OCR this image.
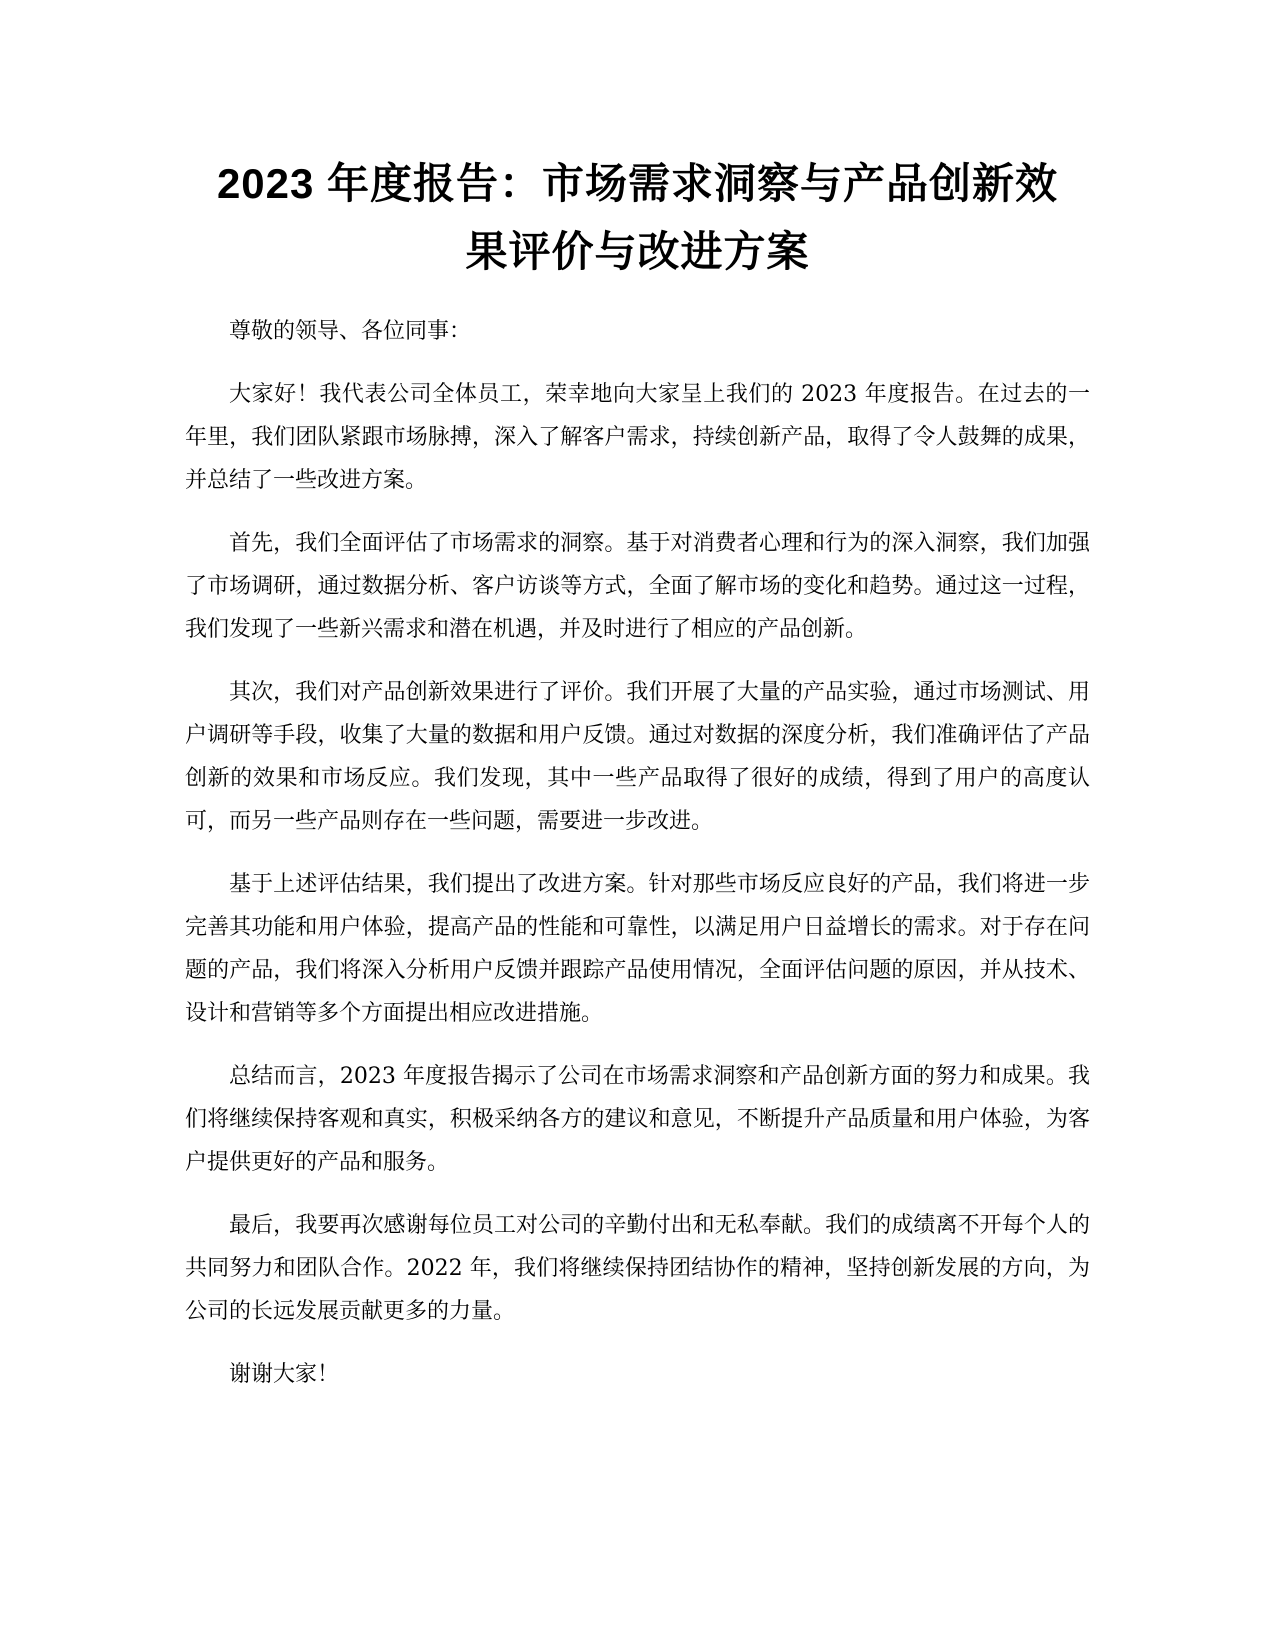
2023 年度报告：市场需求洞察与产品创新效
果评价与改进方案

尊敬的领导、各位同事：

大家好！我代表公司全体员工，荣幸地向大家呈上我们的 2023 年度报告。在过去的一年里，我们团队紧跟市场脉搏，深入了解客户需求，持续创新产品，取得了令人鼓舞的成果，并总结了一些改进方案。

首先，我们全面评估了市场需求的洞察。基于对消费者心理和行为的深入洞察，我们加强了市场调研，通过数据分析、客户访谈等方式，全面了解市场的变化和趋势。通过这一过程，我们发现了一些新兴需求和潜在机遇，并及时进行了相应的产品创新。

其次，我们对产品创新效果进行了评价。我们开展了大量的产品实验，通过市场测试、用户调研等手段，收集了大量的数据和用户反馈。通过对数据的深度分析，我们准确评估了产品创新的效果和市场反应。我们发现，其中一些产品取得了很好的成绩，得到了用户的高度认可，而另一些产品则存在一些问题，需要进一步改进。

基于上述评估结果，我们提出了改进方案。针对那些市场反应良好的产品，我们将进一步完善其功能和用户体验，提高产品的性能和可靠性，以满足用户日益增长的需求。对于存在问题的产品，我们将深入分析用户反馈并跟踪产品使用情况，全面评估问题的原因，并从技术、设计和营销等多个方面提出相应改进措施。

总结而言，2023 年度报告揭示了公司在市场需求洞察和产品创新方面的努力和成果。我们将继续保持客观和真实，积极采纳各方的建议和意见，不断提升产品质量和用户体验，为客户提供更好的产品和服务。

最后，我要再次感谢每位员工对公司的辛勤付出和无私奉献。我们的成绩离不开每个人的共同努力和团队合作。2022 年，我们将继续保持团结协作的精神，坚持创新发展的方向，为公司的长远发展贡献更多的力量。

谢谢大家！
